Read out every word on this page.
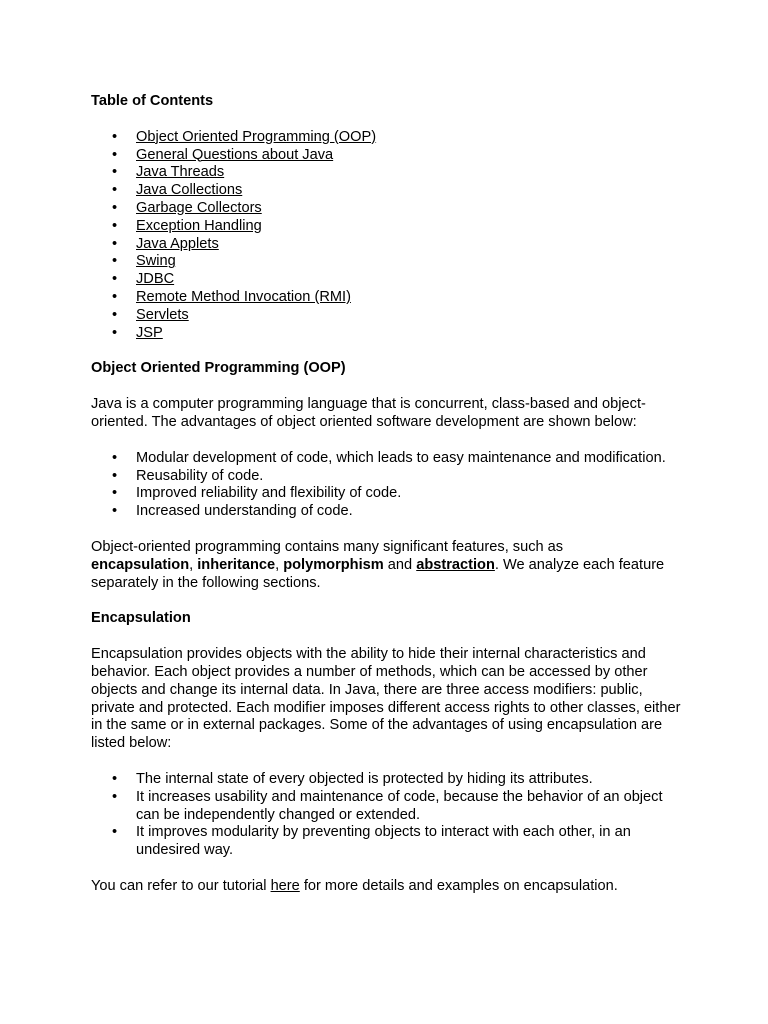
Table of Contents

• Object Oriented Programming (OOP)
• General Questions about Java
• Java Threads
• Java Collections
• Garbage Collectors
• Exception Handling
• Java Applets
• Swing
• JDBC
• Remote Method Invocation (RMI)
• Servlets
• JSP

Object Oriented Programming (OOP)

Java is a computer programming language that is concurrent, class-based and object-oriented. The advantages of object oriented software development are shown below:

• Modular development of code, which leads to easy maintenance and modification.
• Reusability of code.
• Improved reliability and flexibility of code.
• Increased understanding of code.

Object-oriented programming contains many significant features, such as
encapsulation, inheritance, polymorphism and abstraction. We analyze each feature separately in the following sections.

Encapsulation

Encapsulation provides objects with the ability to hide their internal characteristics and behavior. Each object provides a number of methods, which can be accessed by other objects and change its internal data. In Java, there are three access modifiers: public, private and protected. Each modifier imposes different access rights to other classes, either in the same or in external packages. Some of the advantages of using encapsulation are listed below:

• The internal state of every objected is protected by hiding its attributes.
• It increases usability and maintenance of code, because the behavior of an object can be independently changed or extended.
• It improves modularity by preventing objects to interact with each other, in an undesired way.

You can refer to our tutorial here for more details and examples on encapsulation.
